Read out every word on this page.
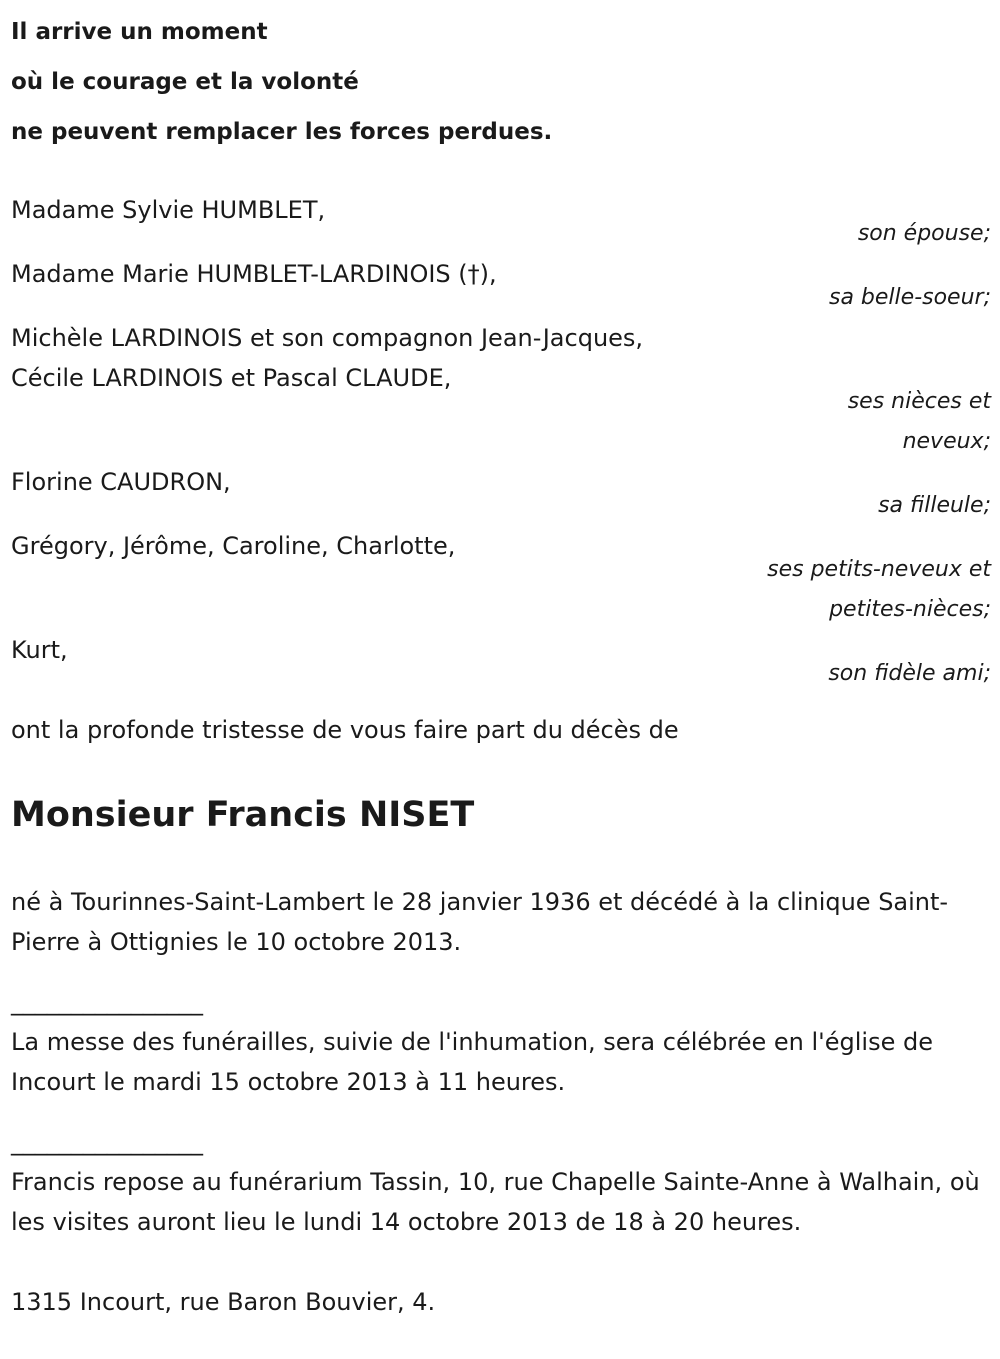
Il arrive un moment
où le courage et la volonté
ne peuvent remplacer les forces perdues.
Madame Sylvie HUMBLET,
son épouse;
Madame Marie HUMBLET-LARDINOIS (†),
sa belle-soeur;
Michèle LARDINOIS et son compagnon Jean-Jacques,
Cécile LARDINOIS et Pascal CLAUDE,
ses nièces et
neveux;
Florine CAUDRON,
sa filleule;
Grégory, Jérôme, Caroline, Charlotte,
ses petits-neveux et
petites-nièces;
Kurt,
son fidèle ami;
ont la profonde tristesse de vous faire part du décès de
Monsieur Francis NISET

né à Tourinnes-Saint-Lambert le 28 janvier 1936 et décédé à la clinique Saint-Pierre à Ottignies le 10 octobre 2013.

________________

La messe des funérailles, suivie de l'inhumation, sera célébrée en l'église de Incourt le mardi 15 octobre 2013 à 11 heures.

________________

Francis repose au funérarium Tassin, 10, rue Chapelle Sainte-Anne à Walhain, où les visites auront lieu le lundi 14 octobre 2013 de 18 à 20 heures.

1315 Incourt, rue Baron Bouvier, 4.
